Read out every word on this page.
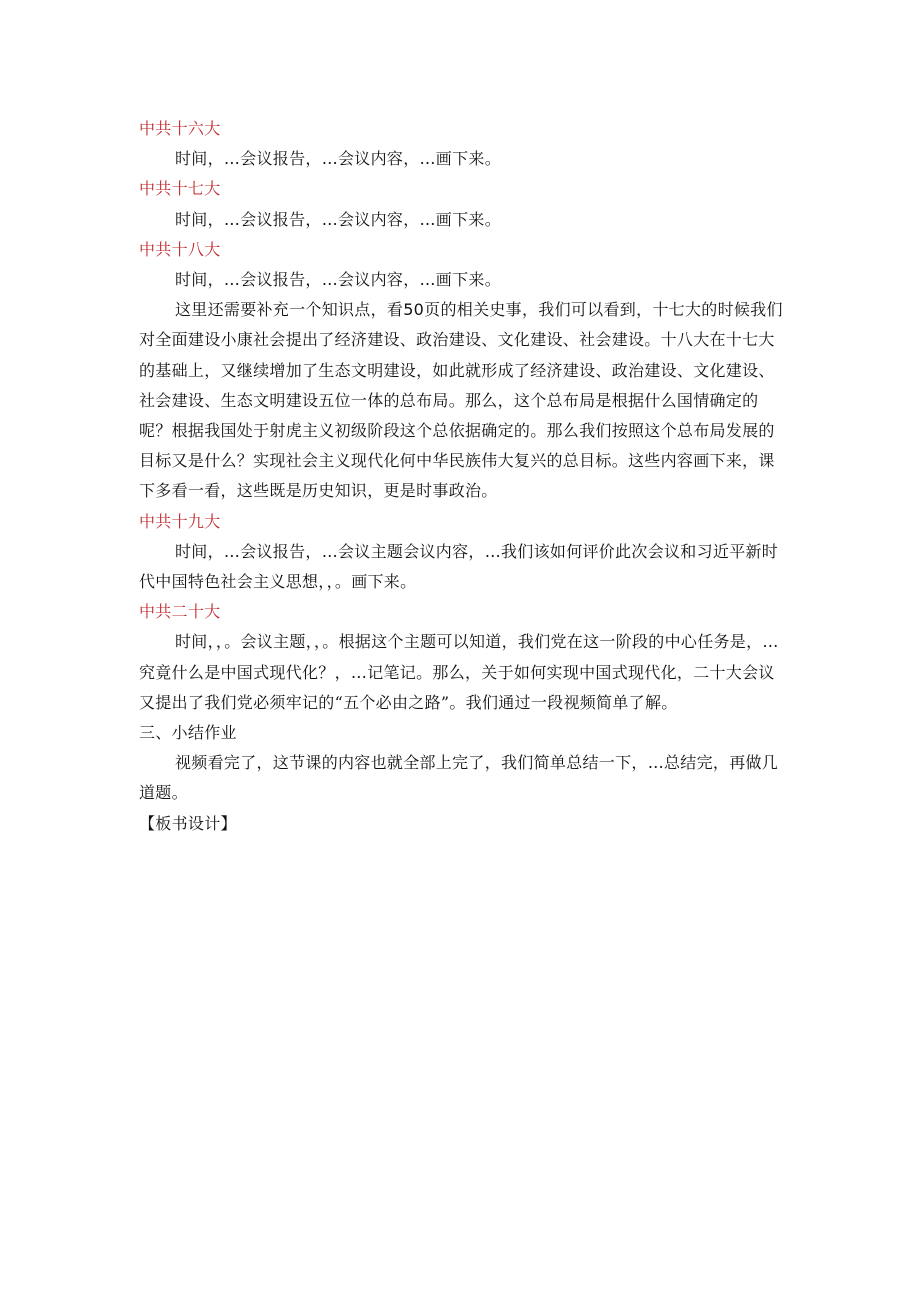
中共十六大

时间，…会议报告，…会议内容，…画下来。

中共十七大

时间，…会议报告，…会议内容，…画下来。

中共十八大

时间，…会议报告，…会议内容，…画下来。

这里还需要补充一个知识点，看50页的相关史事，我们可以看到，十七大的时候我们对全面建设小康社会提出了经济建设、政治建设、文化建设、社会建设。十八大在十七大的基础上，又继续增加了生态文明建设，如此就形成了经济建设、政治建设、文化建设、社会建设、生态文明建设五位一体的总布局。那么，这个总布局是根据什么国情确定的呢？根据我国处于射虎主义初级阶段这个总依据确定的。那么我们按照这个总布局发展的目标又是什么？实现社会主义现代化何中华民族伟大复兴的总目标。这些内容画下来，课下多看一看，这些既是历史知识，更是时事政治。

中共十九大

时间，…会议报告，…会议主题会议内容，…我们该如何评价此次会议和习近平新时代中国特色社会主义思想，，。画下来。

中共二十大

时间，，。会议主题，，。根据这个主题可以知道，我们党在这一阶段的中心任务是，…究竟什么是中国式现代化？，…记笔记。那么，关于如何实现中国式现代化，二十大会议又提出了我们党必须牢记的“五个必由之路”。我们通过一段视频简单了解。

三、小结作业

视频看完了，这节课的内容也就全部上完了，我们简单总结一下，…总结完，再做几道题。

【板书设计】
